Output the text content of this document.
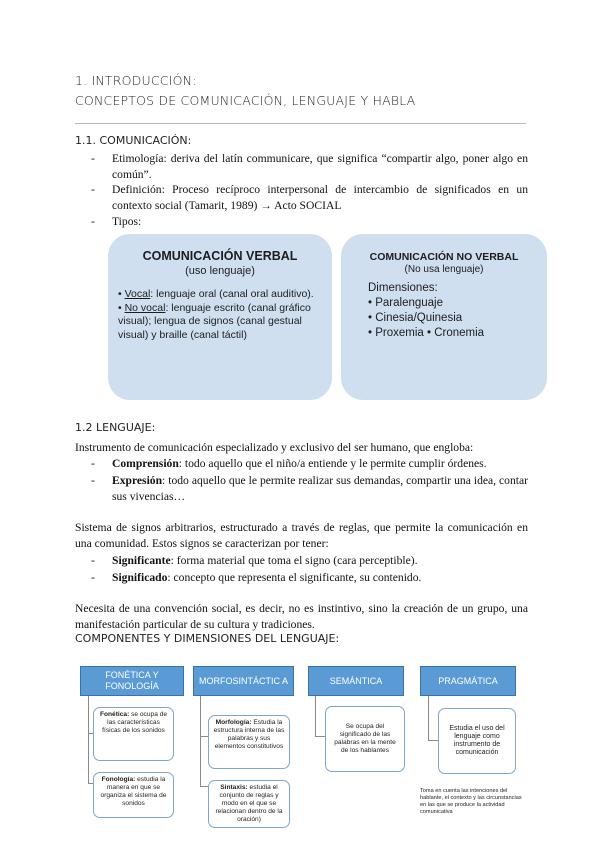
1. INTRODUCCIÓN:
CONCEPTOS DE COMUNICACIÓN, LENGUAJE Y HABLA
1.1. COMUNICACIÓN:
-	Etimología: deriva del latín communicare, que significa “compartir algo, poner algo en común”.
-	Definición: Proceso recíproco interpersonal de intercambio de significados en un contexto social (Tamarit, 1989) → Acto SOCIAL
-	Tipos:
COMUNICACIÓN VERBAL
(uso lenguaje)
• Vocal: lenguaje oral (canal oral auditivo).
• No vocal: lenguaje escrito (canal gráfico visual); lengua de signos (canal gestual visual) y braille (canal táctil)
COMUNICACIÓN NO VERBAL
(No usa lenguaje)
Dimensiones:
• Paralenguaje
• Cinesia/Quinesia
• Proxemia • Cronemia
1.2 LENGUAJE:
Instrumento de comunicación especializado y exclusivo del ser humano, que engloba:
-	Comprensión: todo aquello que el niño/a entiende y le permite cumplir órdenes.
-	Expresión: todo aquello que le permite realizar sus demandas, compartir una idea, contar sus vivencias…
Sistema de signos arbitrarios, estructurado a través de reglas, que permite la comunicación en una comunidad. Estos signos se caracterizan por tener:
-	Significante: forma material que toma el signo (cara perceptible).
-	Significado: concepto que representa el significante, su contenido.
Necesita de una convención social, es decir, no es instintivo, sino la creación de un grupo, una manifestación particular de su cultura y tradiciones.
COMPONENTES Y DIMENSIONES DEL LENGUAJE:
FONÉTICA Y FONOLOGÍA
MORFOSINTÁCTIC A	SEMÁNTICA	PRAGMÁTICA
Fonética: se ocupa de las características físicas de los sonidos
Fonología: estudia la manera en que se organiza el sistema de sonidos
Morfología: Estudia la estructura interna de las palabras y sus elementos constitutivos
Sintaxis: estudia el conjunto de reglas y modo en el que se relacionan dentro de la oración)
Se ocupa del significado de las palabras en la mente de los hablantes
Estudia el uso del lenguaje como instrumento de comunicación
Toma en cuenta las intenciones del hablante, el contexto y las circunstancias en las que se produce la actividad comunicativa
